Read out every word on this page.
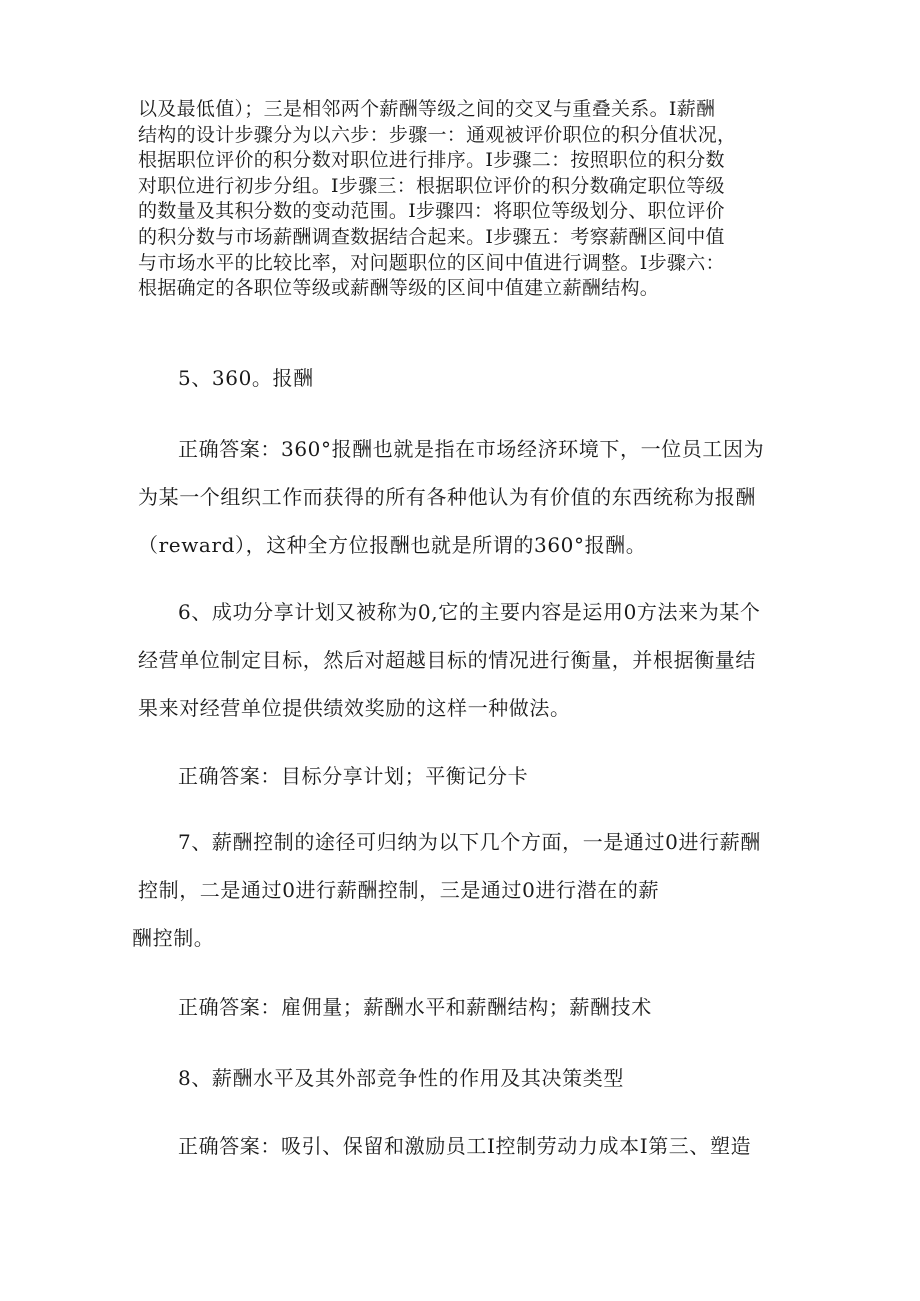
以及最低值）；三是相邻两个薪酬等级之间的交叉与重叠关系。I薪酬
结构的设计步骤分为以六步：步骤一：通观被评价职位的积分值状况，
根据职位评价的积分数对职位进行排序。I步骤二：按照职位的积分数
对职位进行初步分组。I步骤三：根据职位评价的积分数确定职位等级
的数量及其积分数的变动范围。I步骤四：将职位等级划分、职位评价
的积分数与市场薪酬调查数据结合起来。I步骤五：考察薪酬区间中值
与市场水平的比较比率，对问题职位的区间中值进行调整。I步骤六：
根据确定的各职位等级或薪酬等级的区间中值建立薪酬结构。
5、360。报酬
正确答案：360°报酬也就是指在市场经济环境下，一位员工因为
为某一个组织工作而获得的所有各种他认为有价值的东西统称为报酬
（reward），这种全方位报酬也就是所谓的360°报酬。
6、成功分享计划又被称为0,它的主要内容是运用0方法来为某个
经营单位制定目标，然后对超越目标的情况进行衡量，并根据衡量结
果来对经营单位提供绩效奖励的这样一种做法。
正确答案：目标分享计划；平衡记分卡
7、薪酬控制的途径可归纳为以下几个方面，一是通过0进行薪酬
控制，二是通过0进行薪酬控制，三是通过0进行潜在的薪
酬控制。
正确答案：雇佣量；薪酬水平和薪酬结构；薪酬技术
8、薪酬水平及其外部竞争性的作用及其决策类型
正确答案：吸引、保留和激励员工I控制劳动力成本I第三、塑造
